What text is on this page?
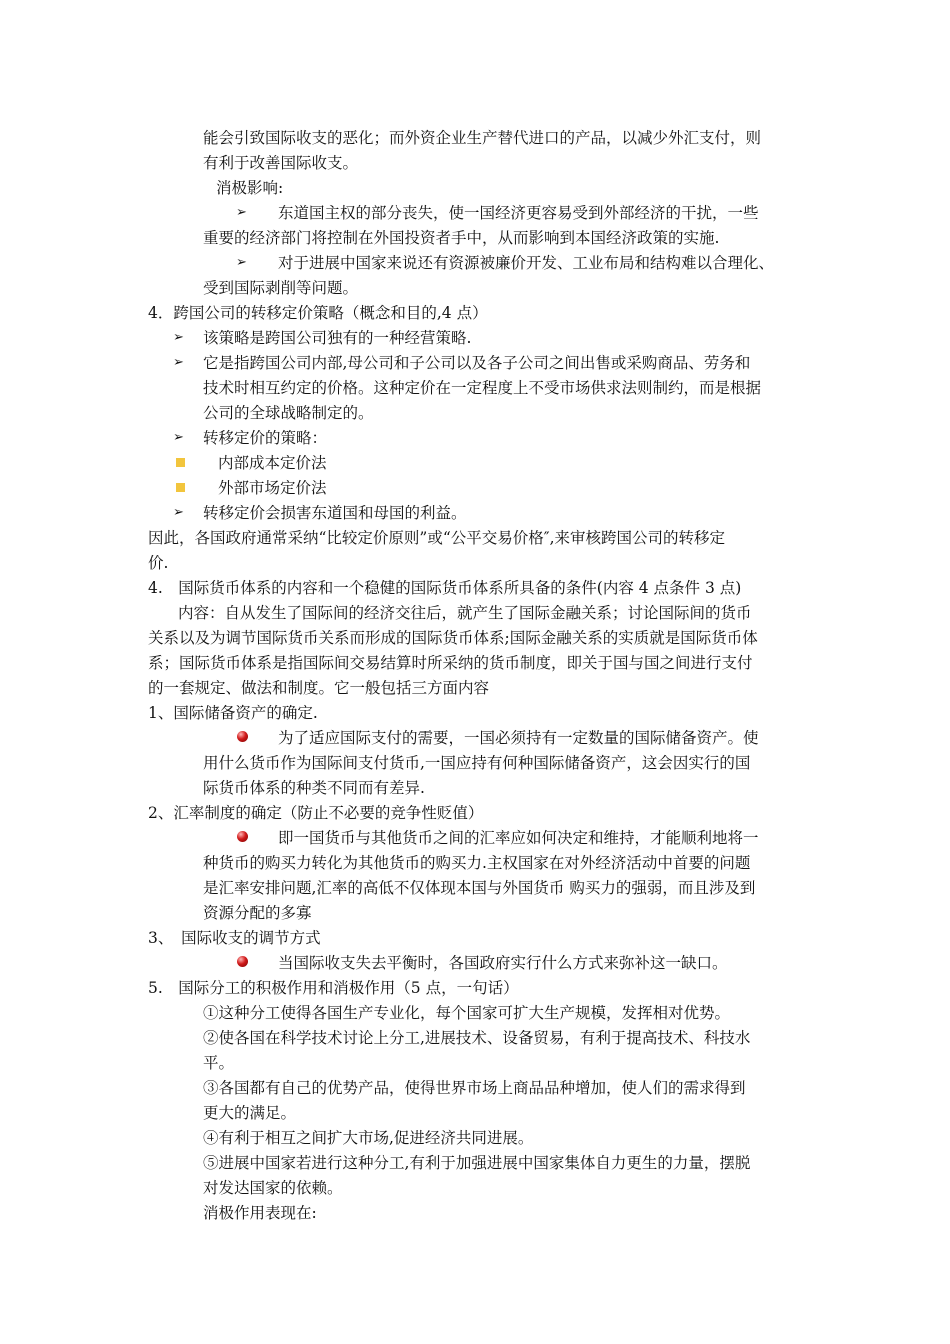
能会引致国际收支的恶化；而外资企业生产替代进口的产品，以减少外汇支付，则
有利于改善国际收支。
消极影响:
➢ 东道国主权的部分丧失，使一国经济更容易受到外部经济的干扰，一些
重要的经济部门将控制在外国投资者手中，从而影响到本国经济政策的实施.
➢ 对于进展中国家来说还有资源被廉价开发、工业布局和结构难以合理化、
受到国际剥削等问题。
4．跨国公司的转移定价策略（概念和目的,4 点）
➢ 该策略是跨国公司独有的一种经营策略.
➢ 它是指跨国公司内部,母公司和子公司以及各子公司之间出售或采购商品、劳务和
技术时相互约定的价格。这种定价在一定程度上不受市场供求法则制约，而是根据
公司的全球战略制定的。
➢ 转移定价的策略：
内部成本定价法
外部市场定价法
➢ 转移定价会损害东道国和母国的利益。
因此，各国政府通常采纳“比较定价原则”或“公平交易价格″,来审核跨国公司的转移定
价.
4.　国际货币体系的内容和一个稳健的国际货币体系所具备的条件(内容 4 点条件 3 点)
内容：自从发生了国际间的经济交往后，就产生了国际金融关系；讨论国际间的货币
关系以及为调节国际货币关系而形成的国际货币体系;国际金融关系的实质就是国际货币体
系；国际货币体系是指国际间交易结算时所采纳的货币制度，即关于国与国之间进行支付
的一套规定、做法和制度。它一般包括三方面内容
1、国际储备资产的确定.
为了适应国际支付的需要，一国必须持有一定数量的国际储备资产。使
用什么货币作为国际间支付货币,一国应持有何种国际储备资产，这会因实行的国
际货币体系的种类不同而有差异.
2、汇率制度的确定（防止不必要的竞争性贬值）
即一国货币与其他货币之间的汇率应如何决定和维持，才能顺利地将一
种货币的购买力转化为其他货币的购买力.主权国家在对外经济活动中首要的问题
是汇率安排问题,汇率的高低不仅体现本国与外国货币 购买力的强弱，而且涉及到
资源分配的多寡
3、　国际收支的调节方式
当国际收支失去平衡时，各国政府实行什么方式来弥补这一缺口。
5.　国际分工的积极作用和消极作用（5 点，一句话）
①这种分工使得各国生产专业化，每个国家可扩大生产规模，发挥相对优势。
②使各国在科学技术讨论上分工,进展技术、设备贸易，有利于提高技术、科技水
平。
③各国都有自己的优势产品，使得世界市场上商品品种增加，使人们的需求得到
更大的满足。
④有利于相互之间扩大市场,促进经济共同进展。
⑤进展中国家若进行这种分工,有利于加强进展中国家集体自力更生的力量，摆脱
对发达国家的依赖。
消极作用表现在:
